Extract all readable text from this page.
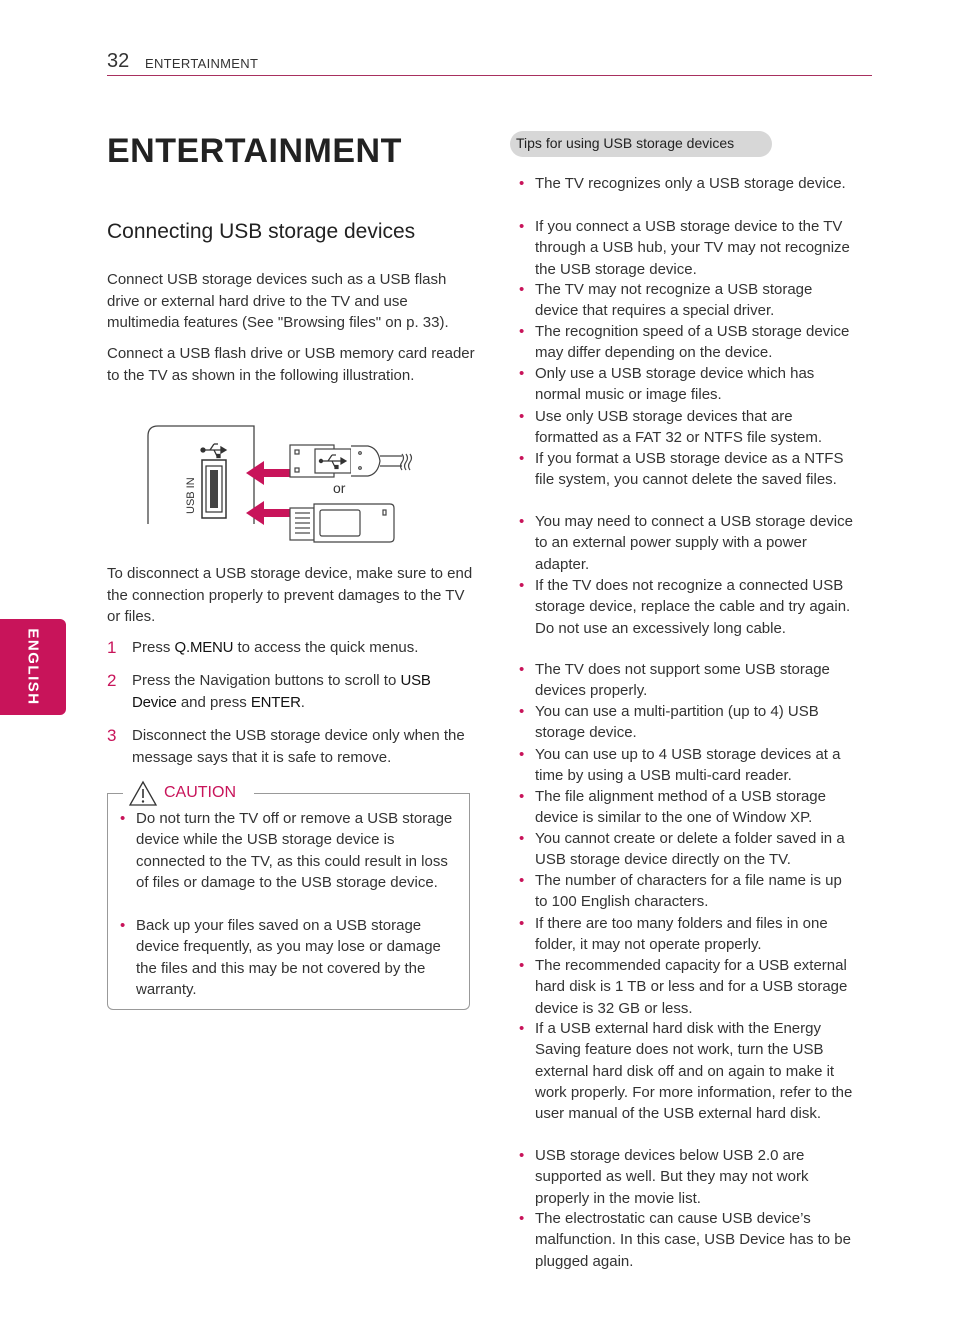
32 ENTERTAINMENT
ENGLISH
ENTERTAINMENT
Connecting USB storage devices
Connect USB storage devices such as a USB flash drive or external hard drive to the TV and use multimedia features (See "Browsing files" on p. 33).
Connect a USB flash drive or USB memory card reader to the TV as shown in the following illustration.
USB IN	or
To disconnect a USB storage device, make sure to end the connection properly to prevent damages to the TV or files.
1 Press Q.MENU to access the quick menus.
2 Press the Navigation buttons to scroll to USB Device and press ENTER.
3 Disconnect the USB storage device only when the message says that it is safe to remove.
CAUTION
• Do not turn the TV off or remove a USB storage device while the USB storage device is connected to the TV, as this could result in loss of files or damage to the USB storage device.
• Back up your files saved on a USB storage device frequently, as you may lose or damage the files and this may be not covered by the warranty.
Tips for using USB storage devices
• The TV recognizes only a USB storage device.
• If you connect a USB storage device to the TV through a USB hub, your TV may not recognize the USB storage device.
• The TV may not recognize a USB storage device that requires a special driver.
• The recognition speed of a USB storage device may differ depending on the device.
• Only use a USB storage device which has normal music or image files.
• Use only USB storage devices that are formatted as a FAT 32 or NTFS file system.
• If you format a USB storage device as a NTFS file system, you cannot delete the saved files.
• You may need to connect a USB storage device to an external power supply with a power adapter.
• If the TV does not recognize a connected USB storage device, replace the cable and try again. Do not use an excessively long cable.
• The TV does not support some USB storage devices properly.
• You can use a multi-partition (up to 4) USB storage device.
• You can use up to 4 USB storage devices at a time by using a USB multi-card reader.
• The file alignment method of a USB storage device is similar to the one of Window XP.
• You cannot create or delete a folder saved in a USB storage device directly on the TV.
• The number of characters for a file name is up to 100 English characters.
• If there are too many folders and files in one folder, it may not operate properly.
• The recommended capacity for a USB external hard disk is 1 TB or less and for a USB storage device is 32 GB or less.
• If a USB external hard disk with the Energy Saving feature does not work, turn the USB external hard disk off and on again to make it work properly. For more information, refer to the user manual of the USB external hard disk.
• USB storage devices below USB 2.0 are supported as well. But they may not work properly in the movie list.
• The electrostatic can cause USB device’s malfunction. In this case, USB Device has to be plugged again.
